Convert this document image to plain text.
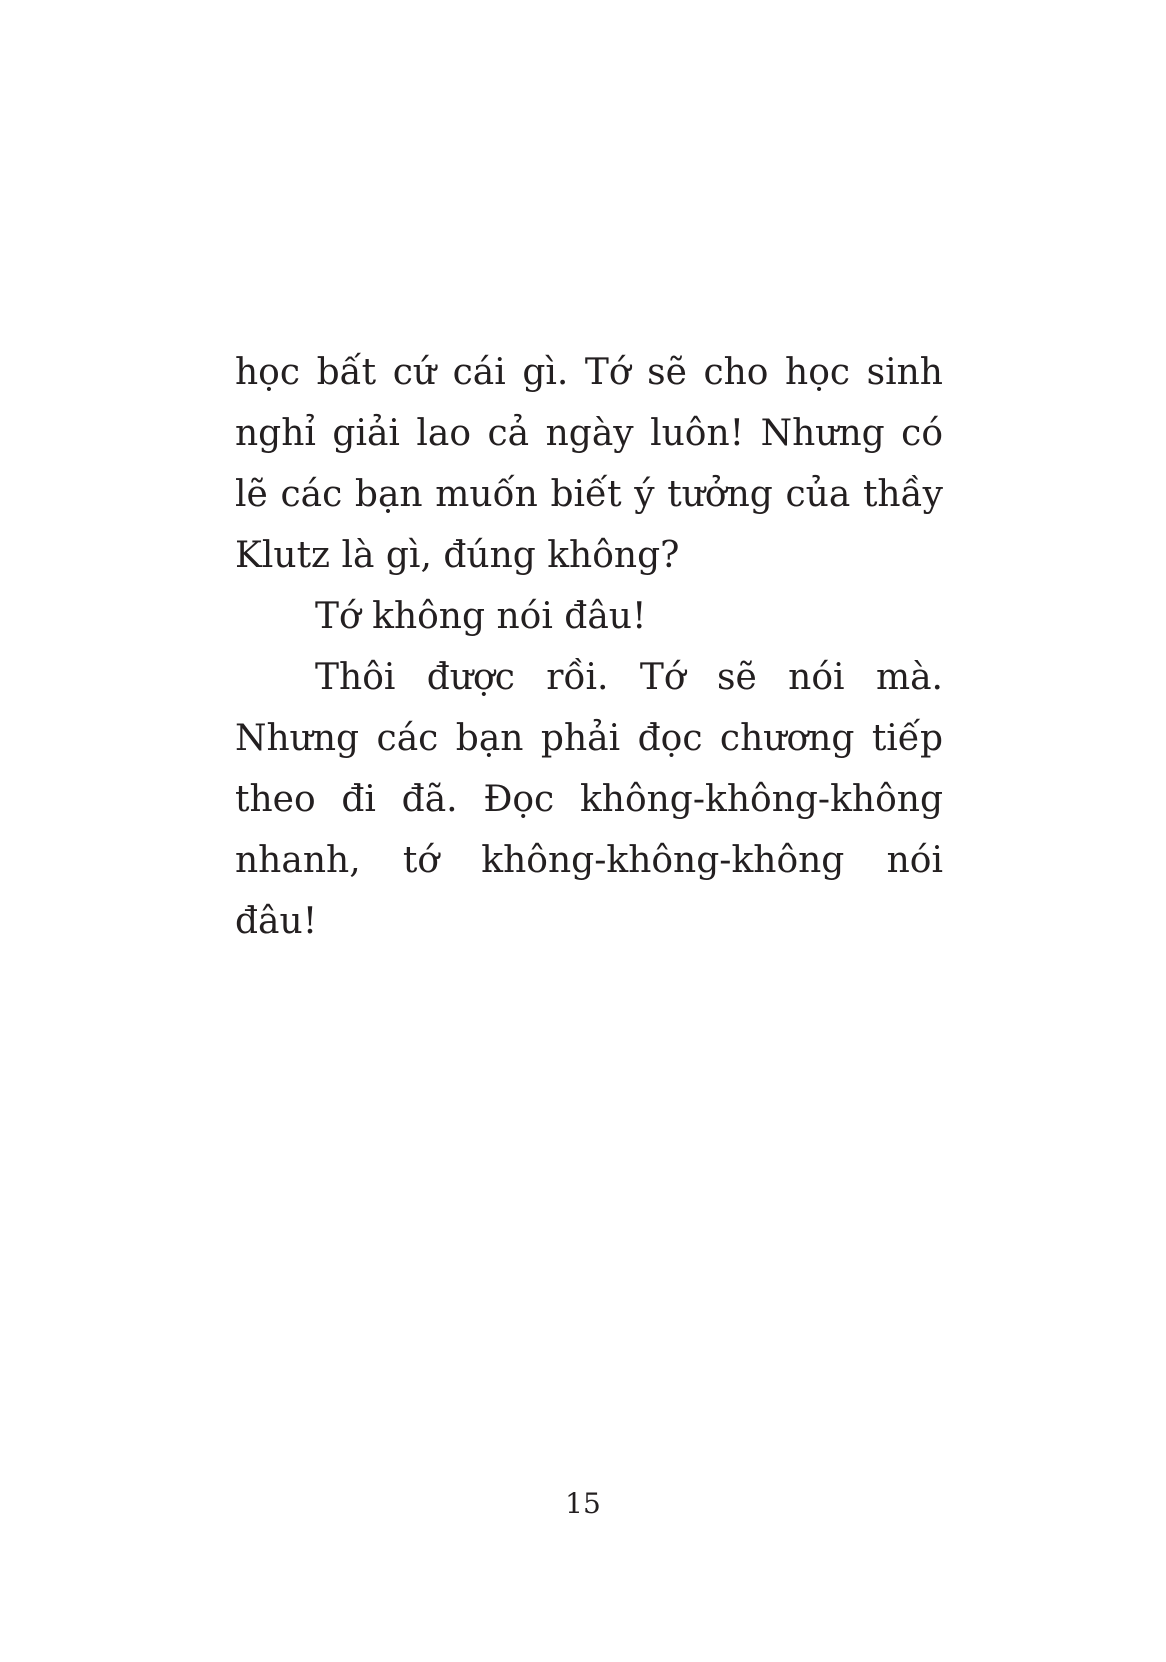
học bất cứ cái gì. Tớ sẽ cho học sinh nghỉ giải lao cả ngày luôn! Nhưng có lẽ các bạn muốn biết ý tưởng của thầy Klutz là gì, đúng không?

Tớ không nói đâu!

Thôi được rồi. Tớ sẽ nói mà. Nhưng các bạn phải đọc chương tiếp theo đi đã. Đọc không-không-không nhanh, tớ không-không-không nói đâu!

15
